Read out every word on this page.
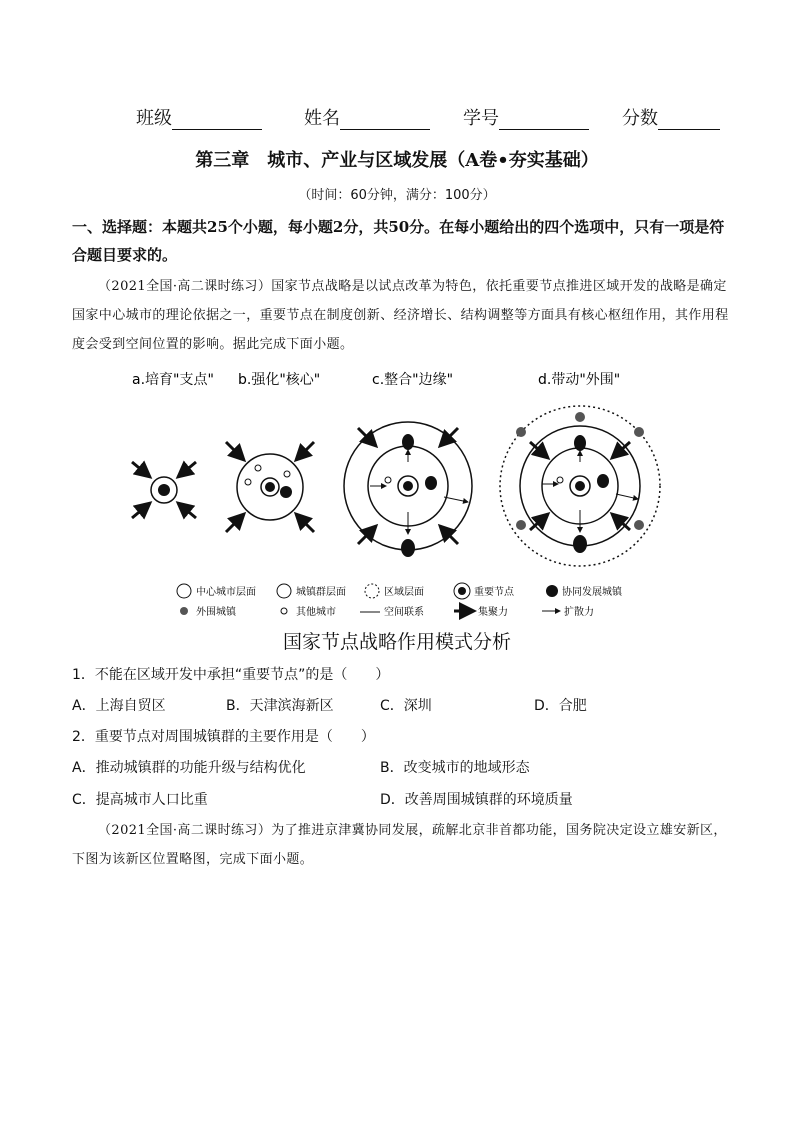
班级	姓名	学号	分数
第三章　城市、产业与区域发展（A卷•夯实基础）
（时间：60分钟，满分：100分）
一、选择题：本题共25个小题，每小题2分，共50分。在每小题给出的四个选项中，只有一项是符合题目要求的。
（2021全国·高二课时练习）国家节点战略是以试点改革为特色，依托重要节点推进区域开发的战略是确定国家中心城市的理论依据之一，重要节点在制度创新、经济增长、结构调整等方面具有核心枢纽作用，其作用程度会受到空间位置的影响。据此完成下面小题。
a.培育"支点" b.强化"核心"	c.整合"边缘"	d.带动"外围"
中心城市层面	城镇群层面	区域层面	重要节点	协同发展城镇
外围城镇	其他城市	空间联系	集聚力	扩散力
国家节点战略作用模式分析
1．不能在区域开发中承担“重要节点”的是（　　）
A．上海自贸区	B．天津滨海新区	C．深圳	D．合肥
2．重要节点对周围城镇群的主要作用是（　　）
A．推动城镇群的功能升级与结构优化	B．改变城市的地域形态
C．提高城市人口比重	D．改善周围城镇群的环境质量
（2021全国·高二课时练习）为了推进京津冀协同发展，疏解北京非首都功能，国务院决定设立雄安新区，下图为该新区位置略图，完成下面小题。
